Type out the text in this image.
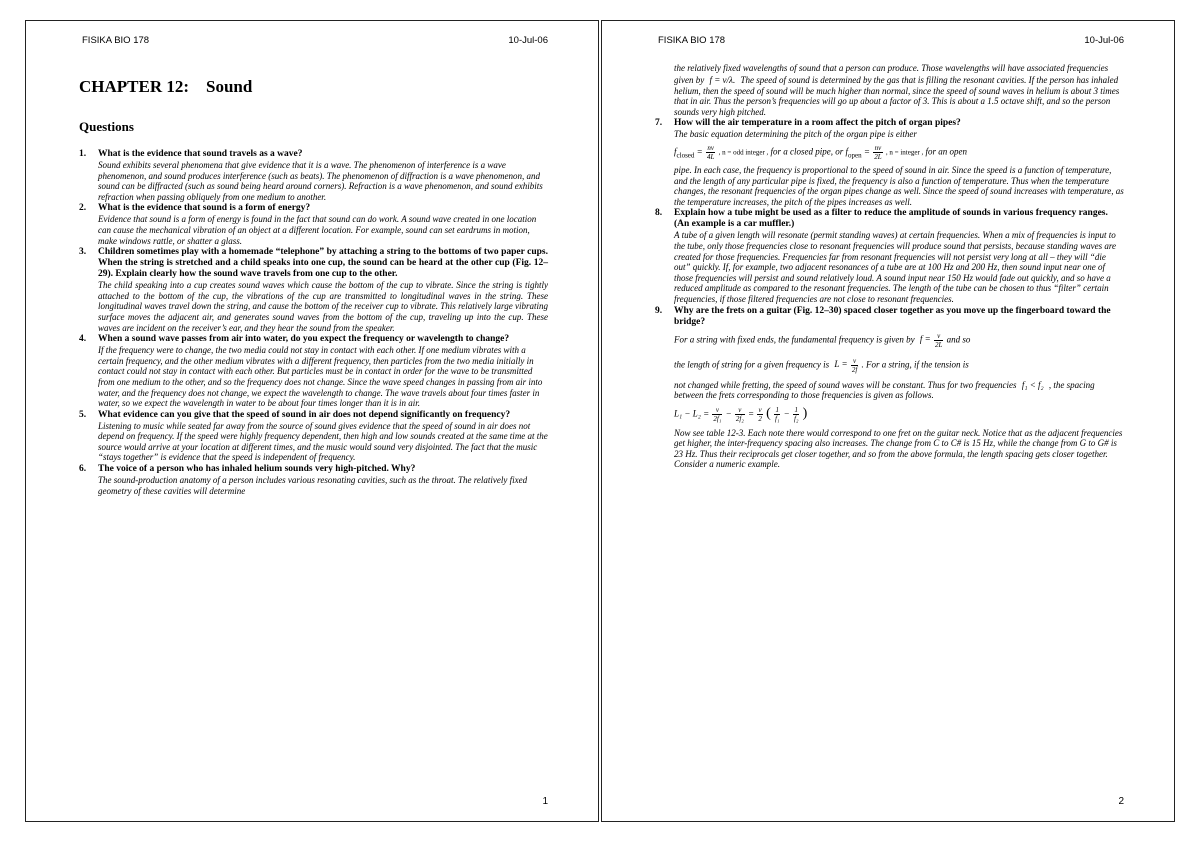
FISIKA BIO 178	10-Jul-06
CHAPTER 12:    Sound
Questions
1. What is the evidence that sound travels as a wave?
Sound exhibits several phenomena that give evidence that it is a wave. The phenomenon of interference is a wave phenomenon, and sound produces interference (such as beats). The phenomenon of diffraction is a wave phenomenon, and sound can be diffracted (such as sound being heard around corners). Refraction is a wave phenomenon, and sound exhibits refraction when passing obliquely from one medium to another.
2. What is the evidence that sound is a form of energy?
Evidence that sound is a form of energy is found in the fact that sound can do work. A sound wave created in one location can cause the mechanical vibration of an object at a different location. For example, sound can set eardrums in motion, make windows rattle, or shatter a glass.
3. Children sometimes play with a homemade “telephone” by attaching a string to the bottoms of two paper cups. When the string is stretched and a child speaks into one cup, the sound can be heard at the other cup (Fig. 12–29). Explain clearly how the sound wave travels from one cup to the other.
The child speaking into a cup creates sound waves which cause the bottom of the cup to vibrate. Since the string is tightly attached to the bottom of the cup, the vibrations of the cup are transmitted to longitudinal waves in the string. These longitudinal waves travel down the string, and cause the bottom of the receiver cup to vibrate. This relatively large vibrating surface moves the adjacent air, and generates sound waves from the bottom of the cup, traveling up into the cup. These waves are incident on the receiver’s ear, and they hear the sound from the speaker.
4. When a sound wave passes from air into water, do you expect the frequency or wavelength to change?
If the frequency were to change, the two media could not stay in contact with each other. If one medium vibrates with a certain frequency, and the other medium vibrates with a different frequency, then particles from the two media initially in contact could not stay in contact with each other. But particles must be in contact in order for the wave to be transmitted from one medium to the other, and so the frequency does not change. Since the wave speed changes in passing from air into water, and the frequency does not change, we expect the wavelength to change. The wave travels about four times faster in water, so we expect the wavelength in water to be about four times longer than it is in air.
5. What evidence can you give that the speed of sound in air does not depend significantly on frequency?
Listening to music while seated far away from the source of sound gives evidence that the speed of sound in air does not depend on frequency. If the speed were highly frequency dependent, then high and low sounds created at the same time at the source would arrive at your location at different times, and the music would sound very disjointed. The fact that the music “stays together” is evidence that the speed is independent of frequency.
6. The voice of a person who has inhaled helium sounds very high-pitched. Why?
The sound-production anatomy of a person includes various resonating cavities, such as the throat. The relatively fixed geometry of these cavities will determine
1
FISIKA BIO 178	10-Jul-06
the relatively fixed wavelengths of sound that a person can produce. Those wavelengths will have associated frequencies given by f = v/λ. The speed of sound is determined by the gas that is filling the resonant cavities. If the person has inhaled helium, then the speed of sound will be much higher than normal, since the speed of sound waves in helium is about 3 times that in air. Thus the person’s frequencies will go up about a factor of 3. This is about a 1.5 octave shift, and so the person sounds very high pitched.
7. How will the air temperature in a room affect the pitch of organ pipes?
The basic equation determining the pitch of the organ pipe is either
$f_{closed} = \frac{nv}{4L}$ , n = odd integer , for a closed pipe, or $f_{open} = \frac{nv}{2L}$ , n = integer , for an open
pipe. In each case, the frequency is proportional to the speed of sound in air. Since the speed is a function of temperature, and the length of any particular pipe is fixed, the frequency is also a function of temperature. Thus when the temperature changes, the resonant frequencies of the organ pipes change as well. Since the speed of sound increases with temperature, as the temperature increases, the pitch of the pipes increases as well.
8. Explain how a tube might be used as a filter to reduce the amplitude of sounds in various frequency ranges. (An example is a car muffler.)
A tube of a given length will resonate (permit standing waves) at certain frequencies. When a mix of frequencies is input to the tube, only those frequencies close to resonant frequencies will produce sound that persists, because standing waves are created for those frequencies. Frequencies far from resonant frequencies will not persist very long at all – they will “die out” quickly. If, for example, two adjacent resonances of a tube are at 100 Hz and 200 Hz, then sound input near one of those frequencies will persist and sound relatively loud. A sound input near 150 Hz would fade out quickly, and so have a reduced amplitude as compared to the resonant frequencies. The length of the tube can be chosen to thus “filter” certain frequencies, if those filtered frequencies are not close to resonant frequencies.
9. Why are the frets on a guitar (Fig. 12–30) spaced closer together as you move up the fingerboard toward the bridge?
For a string with fixed ends, the fundamental frequency is given by $f = \frac{v}{2L}$ and so
the length of string for a given frequency is $L = \frac{v}{2f}$ . For a string, if the tension is
not changed while fretting, the speed of sound waves will be constant. Thus for two frequencies f₁ < f₂ , the spacing between the frets corresponding to those frequencies is given as follows.
$L_1 - L_2 = \frac{v}{\text{2f₁}} - \frac{v}{\text{2f₂}} = \frac{v}{2}$ ( $\frac{1}{\text{f₁}} - \frac{1}{\text{f₂}}$ )
Now see table 12-3. Each note there would correspond to one fret on the guitar neck. Notice that as the adjacent frequencies get higher, the inter-frequency spacing also increases. The change from C to C# is 15 Hz, while the change from G to G# is 23 Hz. Thus their reciprocals get closer together, and so from the above formula, the length spacing gets closer together. Consider a numeric example.
2
